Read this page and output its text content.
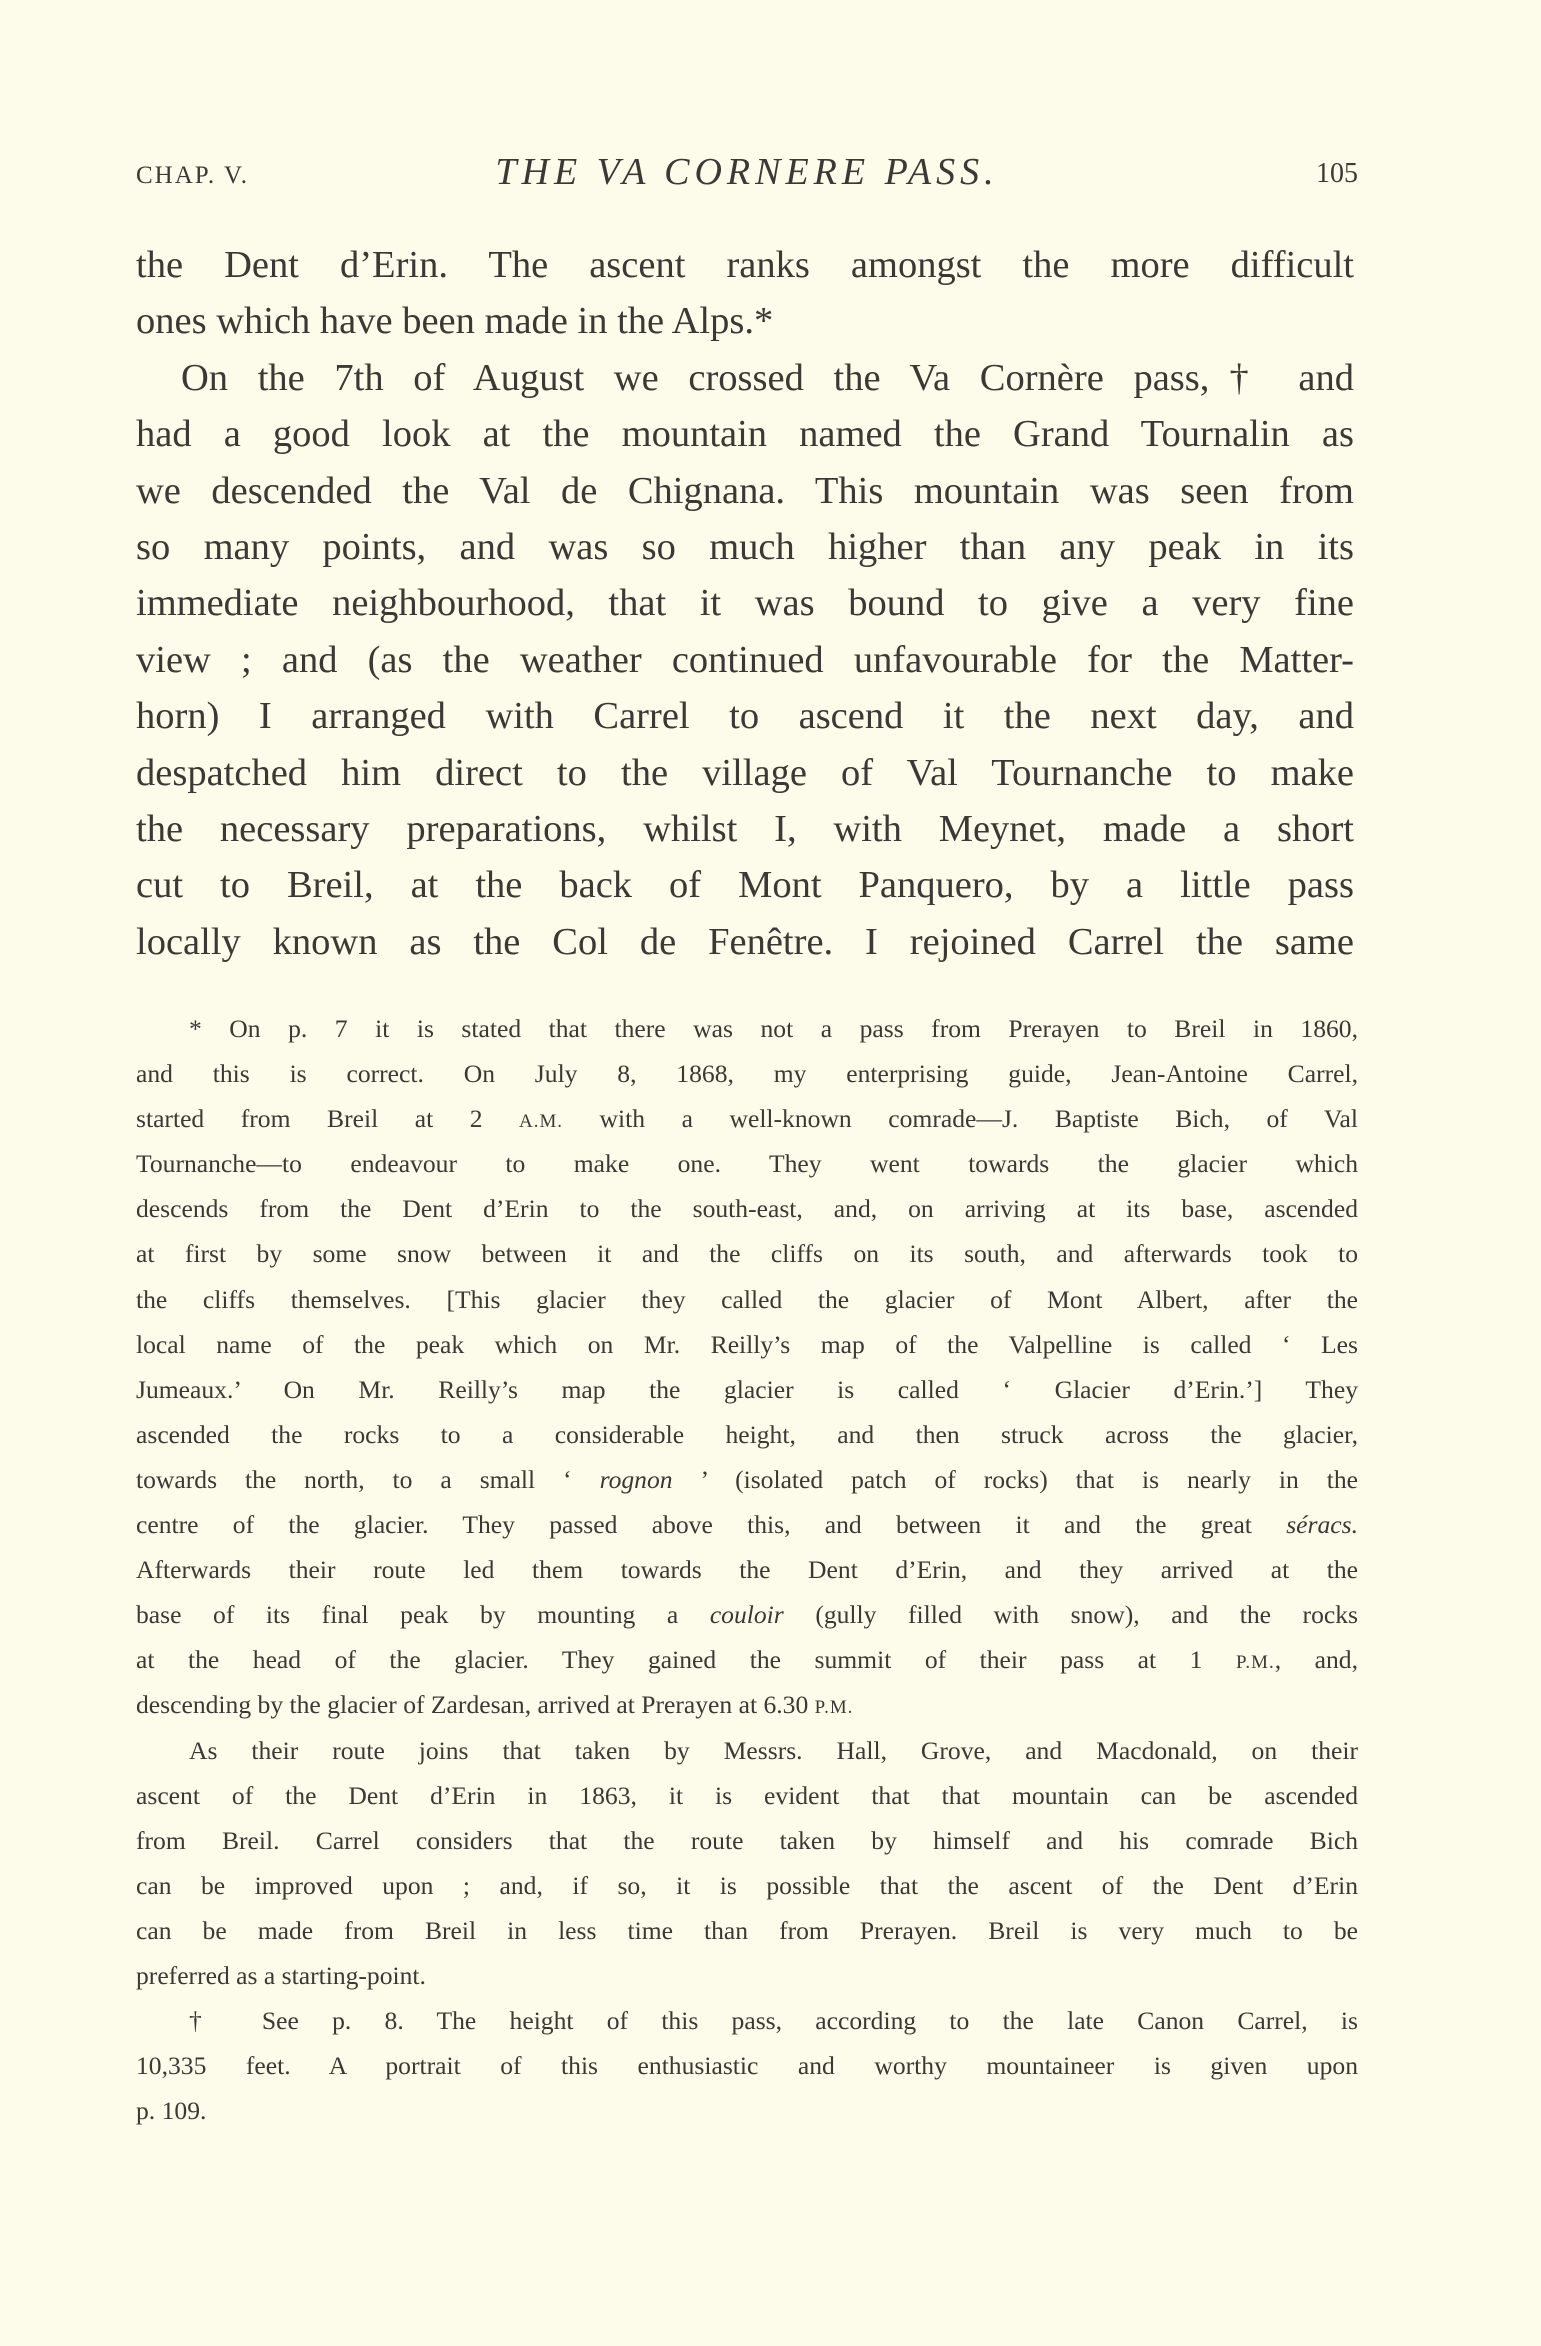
CHAP. V.	THE VA CORNERE PASS.	105
the Dent d’Erin. The ascent ranks amongst the more difficult
ones which have been made in the Alps.*
On the 7th of August we crossed the Va Cornère pass,† and
had a good look at the mountain named the Grand Tournalin as
we descended the Val de Chignana. This mountain was seen from
so many points, and was so much higher than any peak in its
immediate neighbourhood, that it was bound to give a very fine
view ; and (as the weather continued unfavourable for the Matter-
horn) I arranged with Carrel to ascend it the next day, and
despatched him direct to the village of Val Tournanche to make
the necessary preparations, whilst I, with Meynet, made a short
cut to Breil, at the back of Mont Panquero, by a little pass
locally known as the Col de Fenêtre. I rejoined Carrel the same
* On p. 7 it is stated that there was not a pass from Prerayen to Breil in 1860,
and this is correct. On July 8, 1868, my enterprising guide, Jean-Antoine Carrel,
started from Breil at 2 A.M. with a well-known comrade—J. Baptiste Bich, of Val
Tournanche—to endeavour to make one. They went towards the glacier which
descends from the Dent d’Erin to the south-east, and, on arriving at its base, ascended
at first by some snow between it and the cliffs on its south, and afterwards took to
the cliffs themselves. [This glacier they called the glacier of Mont Albert, after the
local name of the peak which on Mr. Reilly’s map of the Valpelline is called ‘ Les
Jumeaux.’ On Mr. Reilly’s map the glacier is called ‘ Glacier d’Erin.’] They
ascended the rocks to a considerable height, and then struck across the glacier,
towards the north, to a small ‘ rognon ’ (isolated patch of rocks) that is nearly in the
centre of the glacier. They passed above this, and between it and the great séracs.
Afterwards their route led them towards the Dent d’Erin, and they arrived at the
base of its final peak by mounting a couloir (gully filled with snow), and the rocks
at the head of the glacier. They gained the summit of their pass at 1 P.M., and,
descending by the glacier of Zardesan, arrived at Prerayen at 6.30 P.M.
As their route joins that taken by Messrs. Hall, Grove, and Macdonald, on their
ascent of the Dent d’Erin in 1863, it is evident that that mountain can be ascended
from Breil. Carrel considers that the route taken by himself and his comrade Bich
can be improved upon ; and, if so, it is possible that the ascent of the Dent d’Erin
can be made from Breil in less time than from Prerayen. Breil is very much to be
preferred as a starting-point.
† See p. 8. The height of this pass, according to the late Canon Carrel, is
10,335 feet. A portrait of this enthusiastic and worthy mountaineer is given upon
p. 109.
